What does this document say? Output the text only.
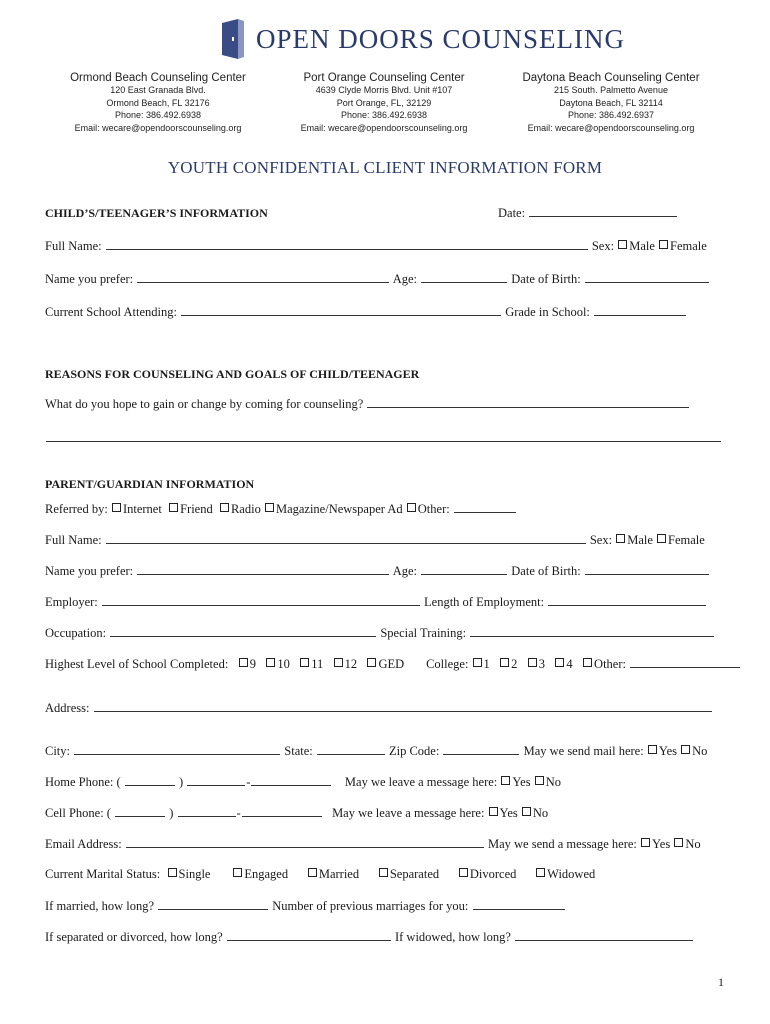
OPEN DOORS COUNSELING
Ormond Beach Counseling Center
120 East Granada Blvd.
Ormond Beach, FL 32176
Phone: 386.492.6938
Email: wecare@opendoorscounseling.org
Port Orange Counseling Center
4639 Clyde Morris Blvd. Unit #107
Port Orange, FL, 32129
Phone: 386.492.6938
Email: wecare@opendoorscounseling.org
Daytona Beach Counseling Center
215 South. Palmetto Avenue
Daytona Beach, FL 32114
Phone: 386.492.6937
Email: wecare@opendoorscounseling.org
YOUTH CONFIDENTIAL CLIENT INFORMATION FORM
CHILD’S/TEENAGER’S INFORMATION	Date:
Full Name:	Sex: Male Female
Name you prefer:	Age:	Date of Birth:
Current School Attending:	Grade in School:
REASONS FOR COUNSELING AND GOALS OF CHILD/TEENAGER
What do you hope to gain or change by coming for counseling?
PARENT/GUARDIAN INFORMATION
Referred by: Internet Friend Radio Magazine/Newspaper Ad Other:
Full Name:	Sex: Male Female
Name you prefer:	Age:	Date of Birth:
Employer:	Length of Employment:
Occupation:	Special Training:
Highest Level of School Completed: 9 10 11 12 GED College: 1 2 3 4 Other:
Address:
City:	State:	Zip Code:	May we send mail here: Yes No
Home Phone: (	)	-	May we leave a message here: Yes No
Cell Phone: (	)	-	May we leave a message here: Yes No
Email Address:	May we send a message here: Yes No
Current Marital Status: Single	Engaged Married Separated Divorced Widowed
If married, how long?	Number of previous marriages for you:
If separated or divorced, how long?	If widowed, how long?
1
